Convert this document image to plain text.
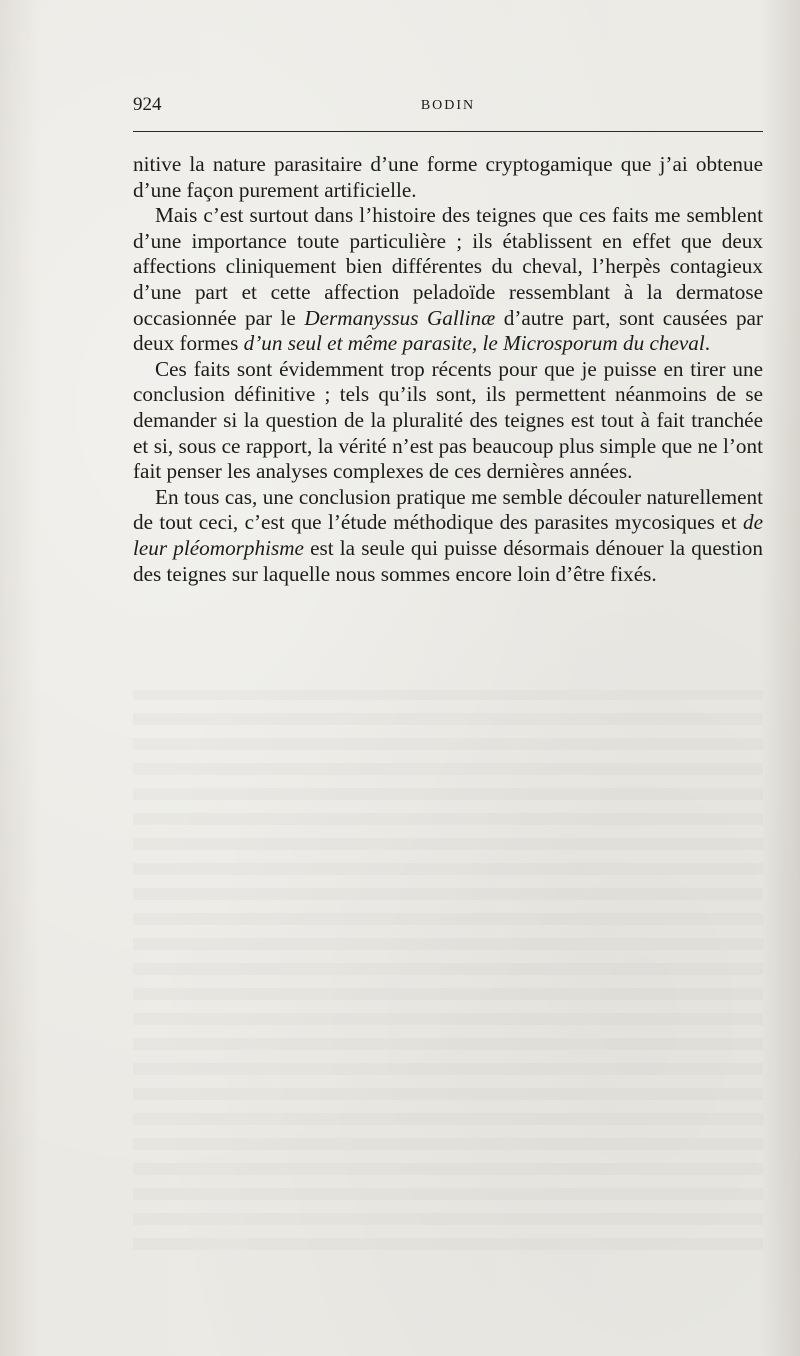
924	BODIN

nitive la nature parasitaire d’une forme cryptogamique que j’ai obtenue d’une façon purement artificielle.

Mais c’est surtout dans l’histoire des teignes que ces faits me semblent d’une importance toute particulière ; ils établissent en effet que deux affections cliniquement bien différentes du cheval, l’herpès contagieux d’une part et cette affection peladoïde ressemblant à la dermatose occasionnée par le Dermanyssus Gallinæ d’autre part, sont causées par deux formes d’un seul et même parasite, le Microsporum du cheval.

Ces faits sont évidemment trop récents pour que je puisse en tirer une conclusion définitive ; tels qu’ils sont, ils permettent néanmoins de se demander si la question de la pluralité des teignes est tout à fait tranchée et si, sous ce rapport, la vérité n’est pas beaucoup plus simple que ne l’ont fait penser les analyses complexes de ces dernières années.

En tous cas, une conclusion pratique me semble découler naturellement de tout ceci, c’est que l’étude méthodique des parasites mycosiques et de leur pléomorphisme est la seule qui puisse désormais dénouer la question des teignes sur laquelle nous sommes encore loin d’être fixés.
